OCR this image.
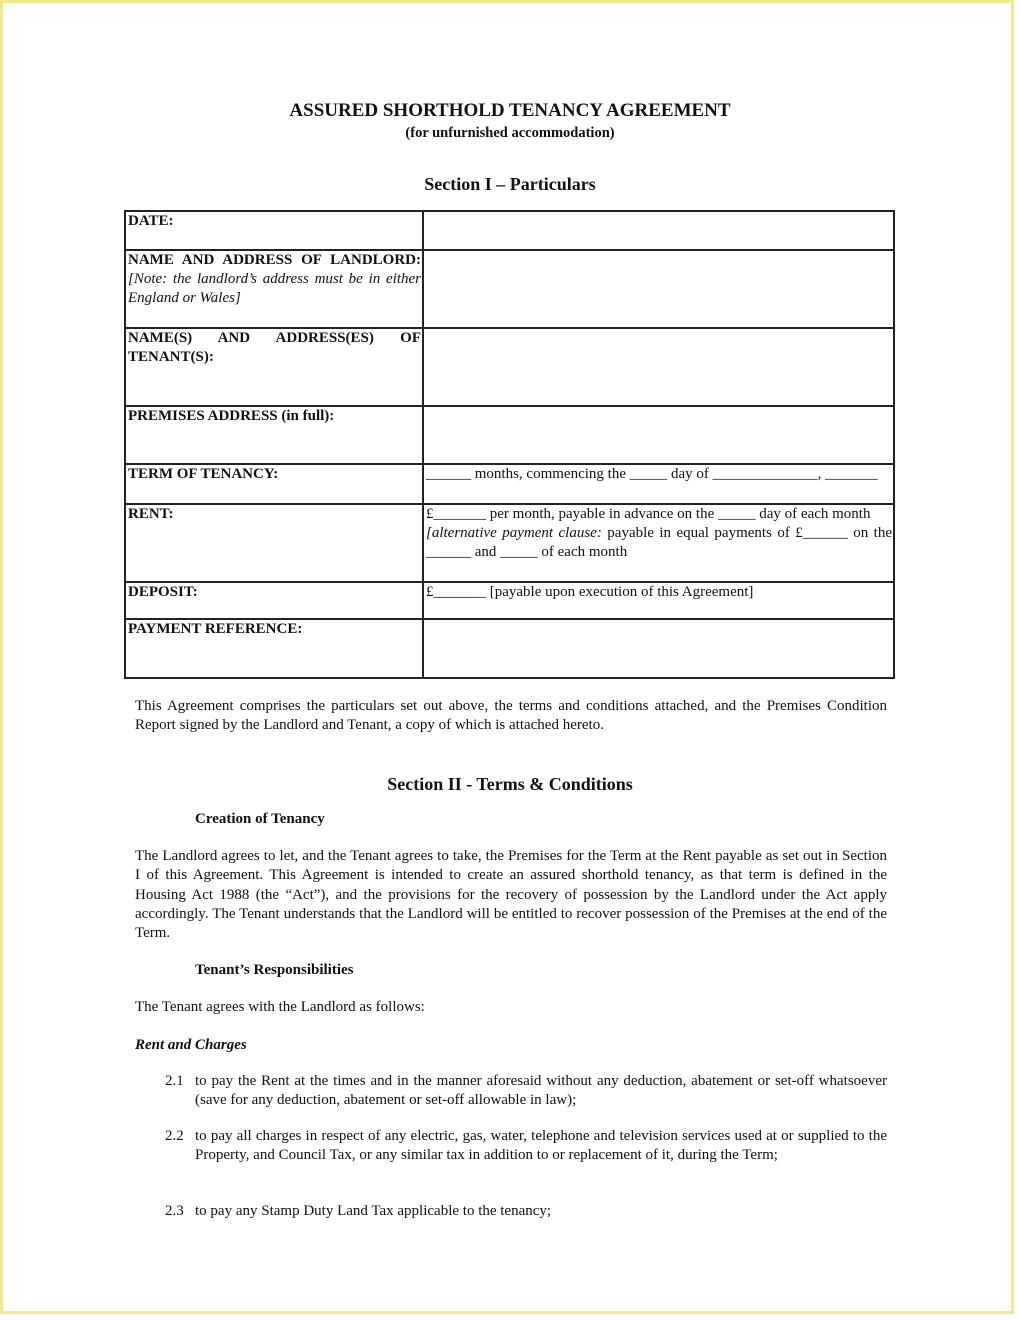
ASSURED SHORTHOLD TENANCY AGREEMENT
(for unfurnished accommodation)
Section I – Particulars
DATE:	

NAME AND ADDRESS OF LANDLORD:
[Note: the landlord’s address must be in either England or Wales]	

NAME(S) AND ADDRESS(ES) OF TENANT(S):	

PREMISES ADDRESS (in full):	
TERM OF TENANCY:	______ months, commencing the _____ day of ______________, _______
RENT:	£_______ per month, payable in advance on the _____ day of each month
[alternative payment clause: payable in equal payments of £______ on the ______ and _____ of each month

DEPOSIT:	£_______ [payable upon execution of this Agreement]
PAYMENT REFERENCE:	
This Agreement comprises the particulars set out above, the terms and conditions attached, and the Premises Condition Report signed by the Landlord and Tenant, a copy of which is attached hereto.
Section II - Terms & Conditions
Creation of Tenancy
The Landlord agrees to let, and the Tenant agrees to take, the Premises for the Term at the Rent payable as set out in Section I of this Agreement. This Agreement is intended to create an assured shorthold tenancy, as that term is defined in the Housing Act 1988 (the “Act”), and the provisions for the recovery of possession by the Landlord under the Act apply accordingly. The Tenant understands that the Landlord will be entitled to recover possession of the Premises at the end of the Term.
Tenant’s Responsibilities
The Tenant agrees with the Landlord as follows:
Rent and Charges
2.1 to pay the Rent at the times and in the manner aforesaid without any deduction, abatement or set-off whatsoever (save for any deduction, abatement or set-off allowable in law);
2.2 to pay all charges in respect of any electric, gas, water, telephone and television services used at or supplied to the Property, and Council Tax, or any similar tax in addition to or replacement of it, during the Term;
2.3 to pay any Stamp Duty Land Tax applicable to the tenancy;
